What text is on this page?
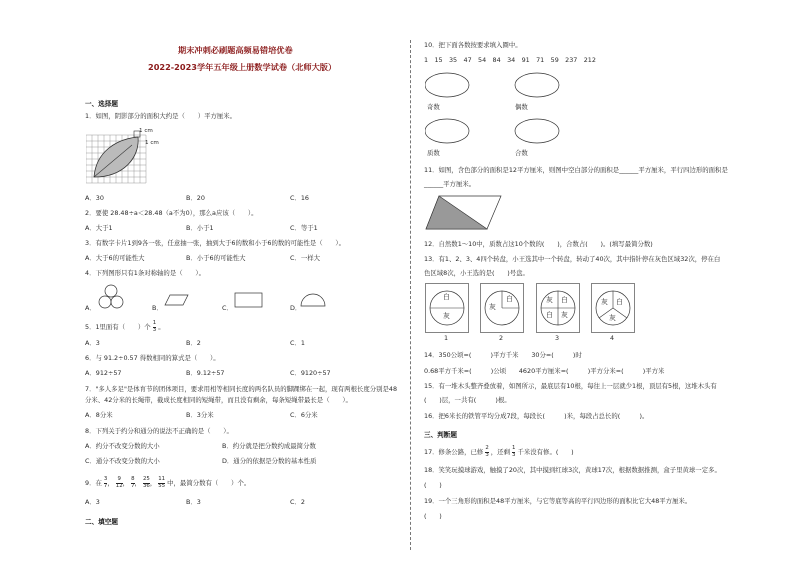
期末冲刺必刷题高频易错培优卷
2022-2023学年五年级上册数学试卷（北师大版）
一、选择题
1．如图，阴影部分的面积大约是（　　）平方厘米。
1 cm
1 cm
A．30	B．20	C．16
2．要使 28.48÷a＜28.48（a不为0），那么a应该（　　）。
A．大于1	B．小于1	C．等于1
3．有数字卡片1到9各一张，任意抽一张，抽到大于6的数和小于6的数的可能性是（　　）。
A．大于6的可能性大	B．小于6的可能性大	C．一样大
4．下列图形只有1条对称轴的是（　　）。
A．	B．	C．	D．
5．1里面有（　　）个 $\frac{1}{3}$ 。
A．3	B．2	C．1
6．与 91.2÷0.57 得数相同的算式是（　　）。
A．912÷57	B．9.12÷57	C．9120÷57
7．"多人多足"是体育节的团体项目，要求用相等相同长度的两名队员的脚踝绑在一起，现有两根长度分别是48
分米、42分米的长绳带，截成长度相同的短绳带，而且没有剩余，每条短绳带最长是（　　）。
A．8分米	B．3分米	C．6分米
8．下列关于约分和通分的说法不正确的是（　　）。
A．约分不改变分数的大小	B．约分就是把分数约成最简分数
C．通分不改变分数的大小	D．通分的依据是分数的基本性质
9．在 $\frac{3}{7}$ ， $\frac{9}{12}$ ， $\frac{8}{7}$ ， $\frac{25}{36}$ ， $\frac{11}{55}$ 中，最简分数有（　　）个。
A．3	B．3	C．2
二、填空题
10．把下面各数按要求填入圈中。
1　15　35　47　54　84　34　91　71　59　237　212
奇数	偶数
质数	合数
11．如图，含色部分的面积是12平方厘米，则图中空白部分的面积是______平方厘米，平行四边形的面积是
______平方厘米。
12．自然数1～10中，质数占这10个数的(　　)，合数占(　　)。(填写最简分数)
13．有1、2、3、4四个转盘，小王选其中一个转盘，转动了40次，其中指针停在灰色区域32次，停在白
色区域8次，小王选的是(　　)号盘。
白
灰
1
灰
白
2
灰 白
白 灰
3
灰 白
灰
4
14．350公顷=(　　　)平方千米　　30分=(　　　)时
0.68平方千米=(　　　)公顷　　4620平方厘米=(　　　)平方分米=(　　　)平方米
15．有一堆木头整齐叠放着，如图所示，最底层有10根，每往上一层就少1根，顶层有5根，这堆木头有
(　　)层，一共有(　　　)根。
16．把6米长的铁管平均分成7段，每段长(　　　)米，每段占总长的(　　　)。
三、判断题
17．修条公路，已修 $\frac{2}{3}$ ，还剩 $\frac{1}{3}$ 千米没有修。(　　)
18．笑笑玩摸球游戏，触摸了20次，其中摸到红球3次，黄球17次，根据数据推测，盒子里黄球一定多。
(　　)
19．一个三角形的面积是48平方厘米，与它等底等高的平行四边形的面积比它大48平方厘米。
(　　)
